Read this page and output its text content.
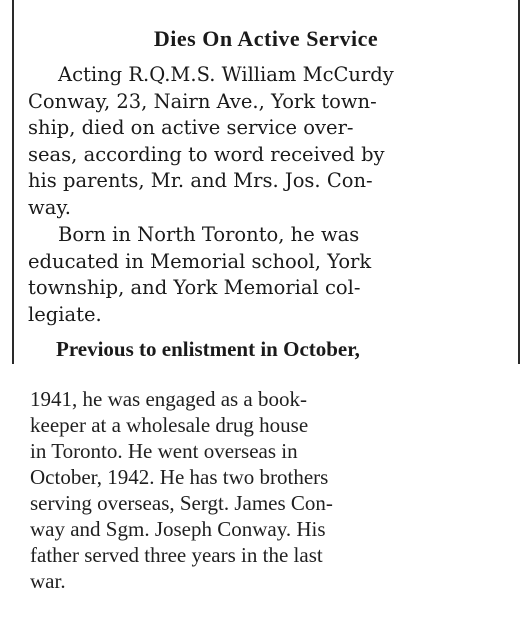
Dies On Active Service
Acting R.Q.M.S. William McCurdy
Conway, 23, Nairn Ave., York town-
ship, died on active service over-
seas, according to word received by
his parents, Mr. and Mrs. Jos. Con-
way.
Born in North Toronto, he was
educated in Memorial school, York
township, and York Memorial col-
legiate.
Previous to enlistment in October,
1941, he was engaged as a book-
keeper at a wholesale drug house
in Toronto. He went overseas in
October, 1942. He has two brothers
serving overseas, Sergt. James Con-
way and Sgm. Joseph Conway. His
father served three years in the last
war.
